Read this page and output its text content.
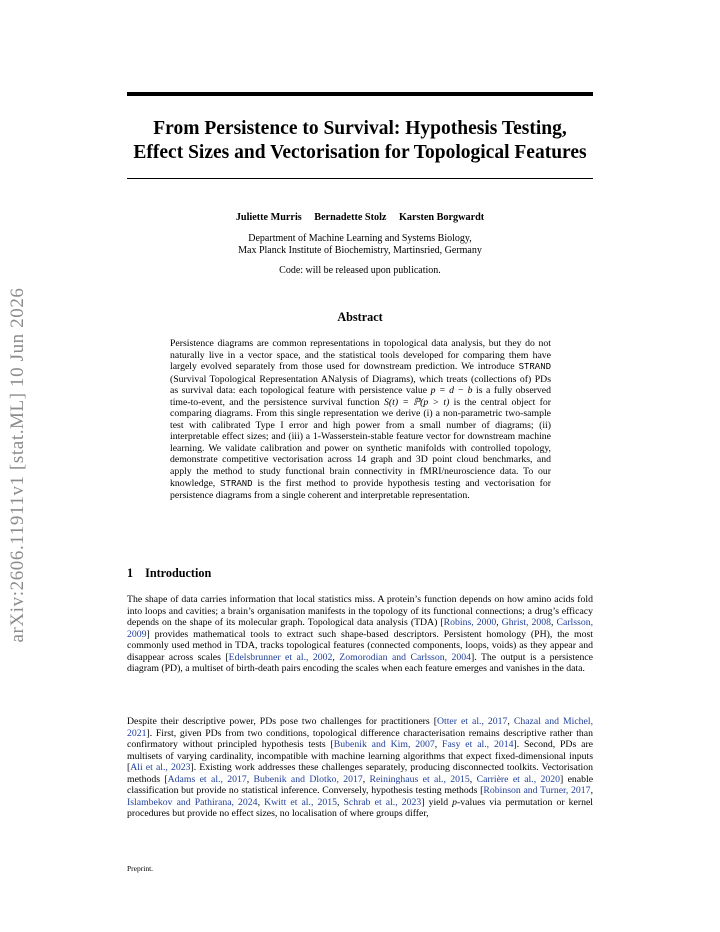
arXiv:2606.11911v1 [stat.ML] 10 Jun 2026
From Persistence to Survival: Hypothesis Testing,
Effect Sizes and Vectorisation for Topological Features
Juliette Murris Bernadette Stolz Karsten Borgwardt
Department of Machine Learning and Systems Biology,
Max Planck Institute of Biochemistry, Martinsried, Germany
Code: will be released upon publication.
Abstract
Persistence diagrams are common representations in topological data analysis, but they do not naturally live in a vector space, and the statistical tools developed for comparing them have largely evolved separately from those used for downstream prediction. We introduce STRAND (Survival Topological Representation ANalysis of Diagrams), which treats (collections of) PDs as survival data: each topological feature with persistence value p = d − b is a fully observed time-to-event, and the persistence survival function S(t) = ℙ(p > t) is the central object for comparing diagrams. From this single representation we derive (i) a non-parametric two-sample test with calibrated Type I error and high power from a small number of diagrams; (ii) interpretable effect sizes; and (iii) a 1-Wasserstein-stable feature vector for downstream machine learning. We validate calibration and power on synthetic manifolds with controlled topology, demonstrate competitive vectorisation across 14 graph and 3D point cloud benchmarks, and apply the method to study functional brain connectivity in fMRI/neuroscience data. To our knowledge, STRAND is the first method to provide hypothesis testing and vectorisation for persistence diagrams from a single coherent and interpretable representation.
1 Introduction
The shape of data carries information that local statistics miss. A protein’s function depends on how amino acids fold into loops and cavities; a brain’s organisation manifests in the topology of its functional connections; a drug’s efficacy depends on the shape of its molecular graph. Topological data analysis (TDA) [Robins, 2000, Ghrist, 2008, Carlsson, 2009] provides mathematical tools to extract such shape-based descriptors. Persistent homology (PH), the most commonly used method in TDA, tracks topological features (connected components, loops, voids) as they appear and disappear across scales [Edelsbrunner et al., 2002, Zomorodian and Carlsson, 2004]. The output is a persistence diagram (PD), a multiset of birth-death pairs encoding the scales when each feature emerges and vanishes in the data.
Despite their descriptive power, PDs pose two challenges for practitioners [Otter et al., 2017, Chazal and Michel, 2021]. First, given PDs from two conditions, topological difference characterisation remains descriptive rather than confirmatory without principled hypothesis tests [Bubenik and Kim, 2007, Fasy et al., 2014]. Second, PDs are multisets of varying cardinality, incompatible with machine learning algorithms that expect fixed-dimensional inputs [Ali et al., 2023]. Existing work addresses these challenges separately, producing disconnected toolkits. Vectorisation methods [Adams et al., 2017, Bubenik and Dlotko, 2017, Reininghaus et al., 2015, Carrière et al., 2020] enable classification but provide no statistical inference. Conversely, hypothesis testing methods [Robinson and Turner, 2017, Islambekov and Pathirana, 2024, Kwitt et al., 2015, Schrab et al., 2023] yield p-values via permutation or kernel procedures but provide no effect sizes, no localisation of where groups differ,
Preprint.
